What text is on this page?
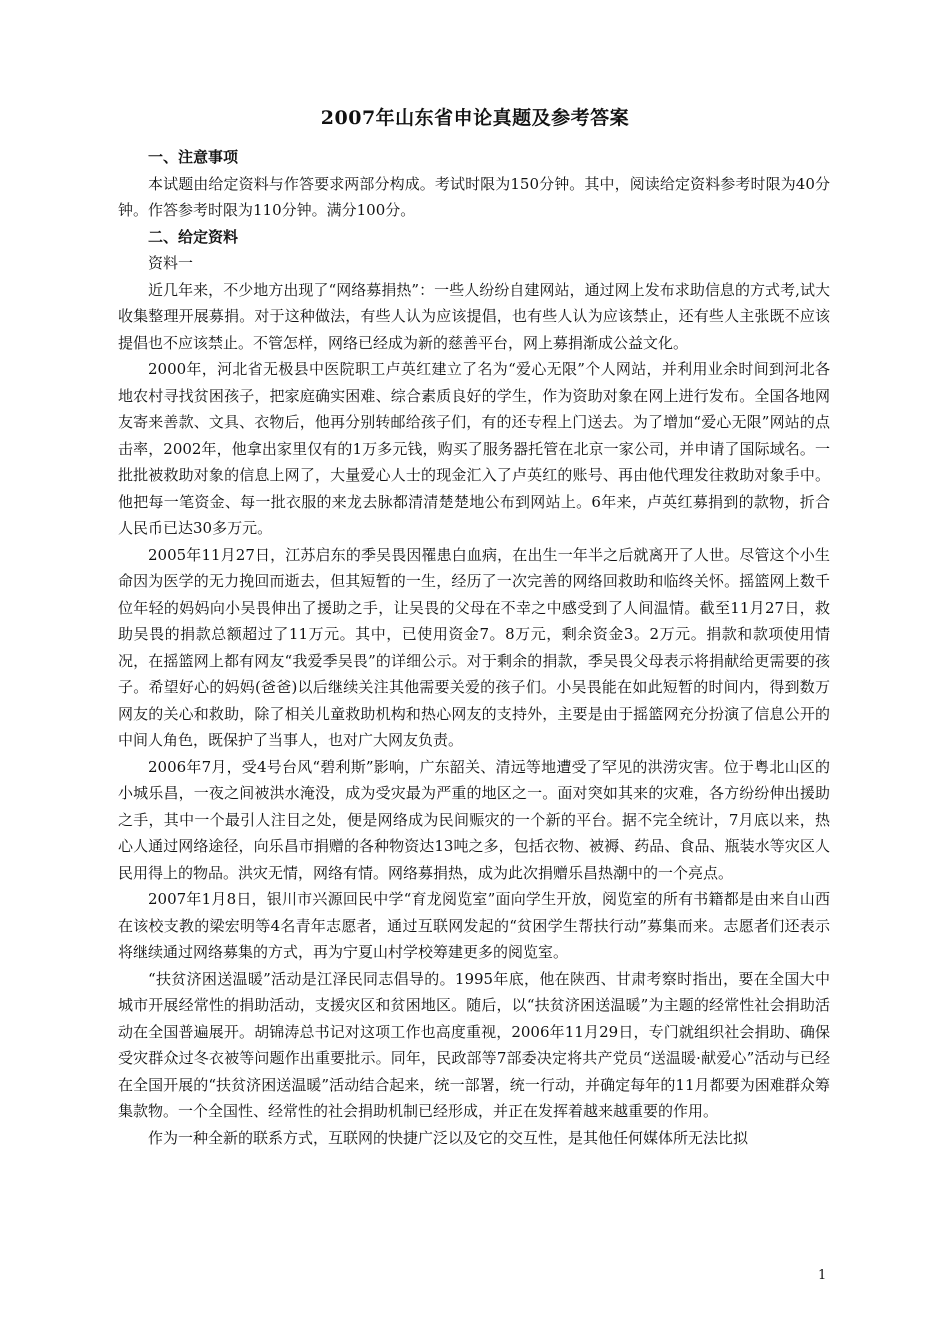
2007年山东省申论真题及参考答案

一、注意事项

本试题由给定资料与作答要求两部分构成。考试时限为150分钟。其中，阅读给定资料参考时限为40分钟。作答参考时限为110分钟。满分100分。

二、给定资料

资料一

近几年来，不少地方出现了“网络募捐热”：一些人纷纷自建网站，通过网上发布求助信息的方式考,试大收集整理开展募捐。对于这种做法，有些人认为应该提倡，也有些人认为应该禁止，还有些人主张既不应该提倡也不应该禁止。不管怎样，网络已经成为新的慈善平台，网上募捐渐成公益文化。

2000年，河北省无极县中医院职工卢英红建立了名为“爱心无限”个人网站，并利用业余时间到河北各地农村寻找贫困孩子，把家庭确实困难、综合素质良好的学生，作为资助对象在网上进行发布。全国各地网友寄来善款、文具、衣物后，他再分别转邮给孩子们，有的还专程上门送去。为了增加“爱心无限”网站的点击率，2002年，他拿出家里仅有的1万多元钱，购买了服务器托管在北京一家公司，并申请了国际域名。一批批被救助对象的信息上网了，大量爱心人士的现金汇入了卢英红的账号、再由他代理发往救助对象手中。他把每一笔资金、每一批衣服的来龙去脉都清清楚楚地公布到网站上。6年来，卢英红募捐到的款物，折合人民币已达30多万元。

2005年11月27日，江苏启东的季吴畏因罹患白血病，在出生一年半之后就离开了人世。尽管这个小生命因为医学的无力挽回而逝去，但其短暂的一生，经历了一次完善的网络回救助和临终关怀。摇篮网上数千位年轻的妈妈向小吴畏伸出了援助之手，让吴畏的父母在不幸之中感受到了人间温情。截至11月27日，救助吴畏的捐款总额超过了11万元。其中，已使用资金7。8万元，剩余资金3。2万元。捐款和款项使用情况，在摇篮网上都有网友“我爱季吴畏”的详细公示。对于剩余的捐款，季吴畏父母表示将捐献给更需要的孩子。希望好心的妈妈(爸爸)以后继续关注其他需要关爱的孩子们。小吴畏能在如此短暂的时间内，得到数万网友的关心和救助，除了相关儿童救助机构和热心网友的支持外，主要是由于摇篮网充分扮演了信息公开的中间人角色，既保护了当事人，也对广大网友负责。

2006年7月，受4号台风“碧利斯”影响，广东韶关、清远等地遭受了罕见的洪涝灾害。位于粤北山区的小城乐昌，一夜之间被洪水淹没，成为受灾最为严重的地区之一。面对突如其来的灾难，各方纷纷伸出援助之手，其中一个最引人注目之处，便是网络成为民间赈灾的一个新的平台。据不完全统计，7月底以来，热心人通过网络途径，向乐昌市捐赠的各种物资达13吨之多，包括衣物、被褥、药品、食品、瓶装水等灾区人民用得上的物品。洪灾无情，网络有情。网络募捐热，成为此次捐赠乐昌热潮中的一个亮点。

2007年1月8日，银川市兴源回民中学“育龙阅览室”面向学生开放，阅览室的所有书籍都是由来自山西在该校支教的梁宏明等4名青年志愿者，通过互联网发起的“贫困学生帮扶行动”募集而来。志愿者们还表示将继续通过网络募集的方式，再为宁夏山村学校筹建更多的阅览室。

“扶贫济困送温暖”活动是江泽民同志倡导的。1995年底，他在陕西、甘肃考察时指出，要在全国大中城市开展经常性的捐助活动，支援灾区和贫困地区。随后，以“扶贫济困送温暖”为主题的经常性社会捐助活动在全国普遍展开。胡锦涛总书记对这项工作也高度重视，2006年11月29日，专门就组织社会捐助、确保受灾群众过冬衣被等问题作出重要批示。同年，民政部等7部委决定将共产党员“送温暖·献爱心”活动与已经在全国开展的“扶贫济困送温暖”活动结合起来，统一部署，统一行动，并确定每年的11月都要为困难群众筹集款物。一个全国性、经常性的社会捐助机制已经形成，并正在发挥着越来越重要的作用。

作为一种全新的联系方式，互联网的快捷广泛以及它的交互性，是其他任何媒体所无法比拟

1
